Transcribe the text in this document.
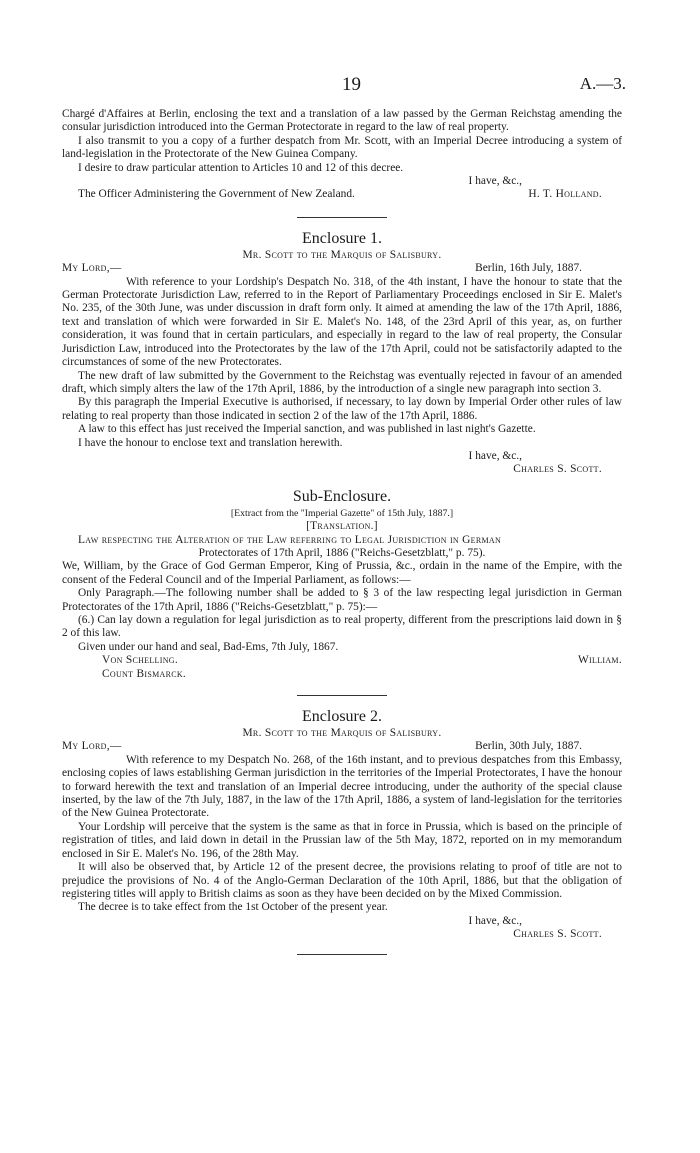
19	A.—3.

Chargé d'Affaires at Berlin, enclosing the text and a translation of a law passed by the German Reichstag amending the consular jurisdiction introduced into the German Protectorate in regard to the law of real property.

I also transmit to you a copy of a further despatch from Mr. Scott, with an Imperial Decree introducing a system of land-legislation in the Protectorate of the New Guinea Company.

I desire to draw particular attention to Articles 10 and 12 of this decree.

I have, &c.,

The Officer Administering the Government of New Zealand.	H. T. Holland.
Enclosure 1.

Mr. Scott to the Marquis of Salisbury.

My Lord,—	Berlin, 16th July, 1887.

With reference to your Lordship's Despatch No. 318, of the 4th instant, I have the honour to state that the German Protectorate Jurisdiction Law, referred to in the Report of Parliamentary Proceedings enclosed in Sir E. Malet's No. 235, of the 30th June, was under discussion in draft form only. It aimed at amending the law of the 17th April, 1886, text and translation of which were forwarded in Sir E. Malet's No. 148, of the 23rd April of this year, as, on further consideration, it was found that in certain particulars, and especially in regard to the law of real property, the Consular Jurisdiction Law, introduced into the Protectorates by the law of the 17th April, could not be satisfactorily adapted to the circumstances of some of the new Protectorates.

The new draft of law submitted by the Government to the Reichstag was eventually rejected in favour of an amended draft, which simply alters the law of the 17th April, 1886, by the introduction of a single new paragraph into section 3.

By this paragraph the Imperial Executive is authorised, if necessary, to lay down by Imperial Order other rules of law relating to real property than those indicated in section 2 of the law of the 17th April, 1886.

A law to this effect has just received the Imperial sanction, and was published in last night's Gazette.

I have the honour to enclose text and translation herewith.

I have, &c.,

Charles S. Scott.

Sub-Enclosure.

[Extract from the "Imperial Gazette" of 15th July, 1887.]

[Translation.]

Law respecting the Alteration of the Law referring to Legal Jurisdiction in German

Protectorates of 17th April, 1886 ("Reichs-Gesetzblatt," p. 75).

We, William, by the Grace of God German Emperor, King of Prussia, &c., ordain in the name of the Empire, with the consent of the Federal Council and of the Imperial Parliament, as follows:—

Only Paragraph.—The following number shall be added to § 3 of the law respecting legal jurisdiction in German Protectorates of the 17th April, 1886 ("Reichs-Gesetzblatt," p. 75):—

(6.) Can lay down a regulation for legal jurisdiction as to real property, different from the prescriptions laid down in § 2 of this law.

Given under our hand and seal, Bad-Ems, 7th July, 1867.

Von Schelling.	William.

Count Bismarck.

Enclosure 2.

Mr. Scott to the Marquis of Salisbury.

My Lord,—	Berlin, 30th July, 1887.

With reference to my Despatch No. 268, of the 16th instant, and to previous despatches from this Embassy, enclosing copies of laws establishing German jurisdiction in the territories of the Imperial Protectorates, I have the honour to forward herewith the text and translation of an Imperial decree introducing, under the authority of the special clause inserted, by the law of the 7th July, 1887, in the law of the 17th April, 1886, a system of land-legislation for the territories of the New Guinea Protectorate.

Your Lordship will perceive that the system is the same as that in force in Prussia, which is based on the principle of registration of titles, and laid down in detail in the Prussian law of the 5th May, 1872, reported on in my memorandum enclosed in Sir E. Malet's No. 196, of the 28th May.

It will also be observed that, by Article 12 of the present decree, the provisions relating to proof of title are not to prejudice the provisions of No. 4 of the Anglo-German Declaration of the 10th April, 1886, but that the obligation of registering titles will apply to British claims as soon as they have been decided on by the Mixed Commission.

The decree is to take effect from the 1st October of the present year.

I have, &c.,

Charles S. Scott.
